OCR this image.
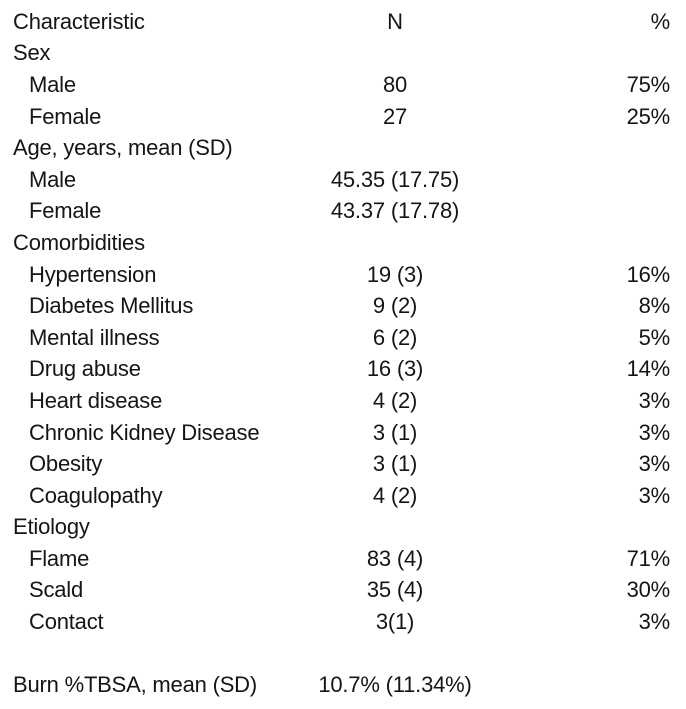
Characteristic	N	%
Sex
Male	80	75%
Female	27	25%
Age, years, mean (SD)
Male	45.35 (17.75)
Female	43.37 (17.78)
Comorbidities
Hypertension	19 (3)	16%
Diabetes Mellitus	9 (2)	8%
Mental illness	6 (2)	5%
Drug abuse	16 (3)	14%
Heart disease	4 (2)	3%
Chronic Kidney Disease	3 (1)	3%
Obesity	3 (1)	3%
Coagulopathy	4 (2)	3%
Etiology
Flame	83 (4)	71%
Scald	35 (4)	30%
Contact	3(1)	3%
Burn %TBSA, mean (SD)	10.7% (11.34%)
